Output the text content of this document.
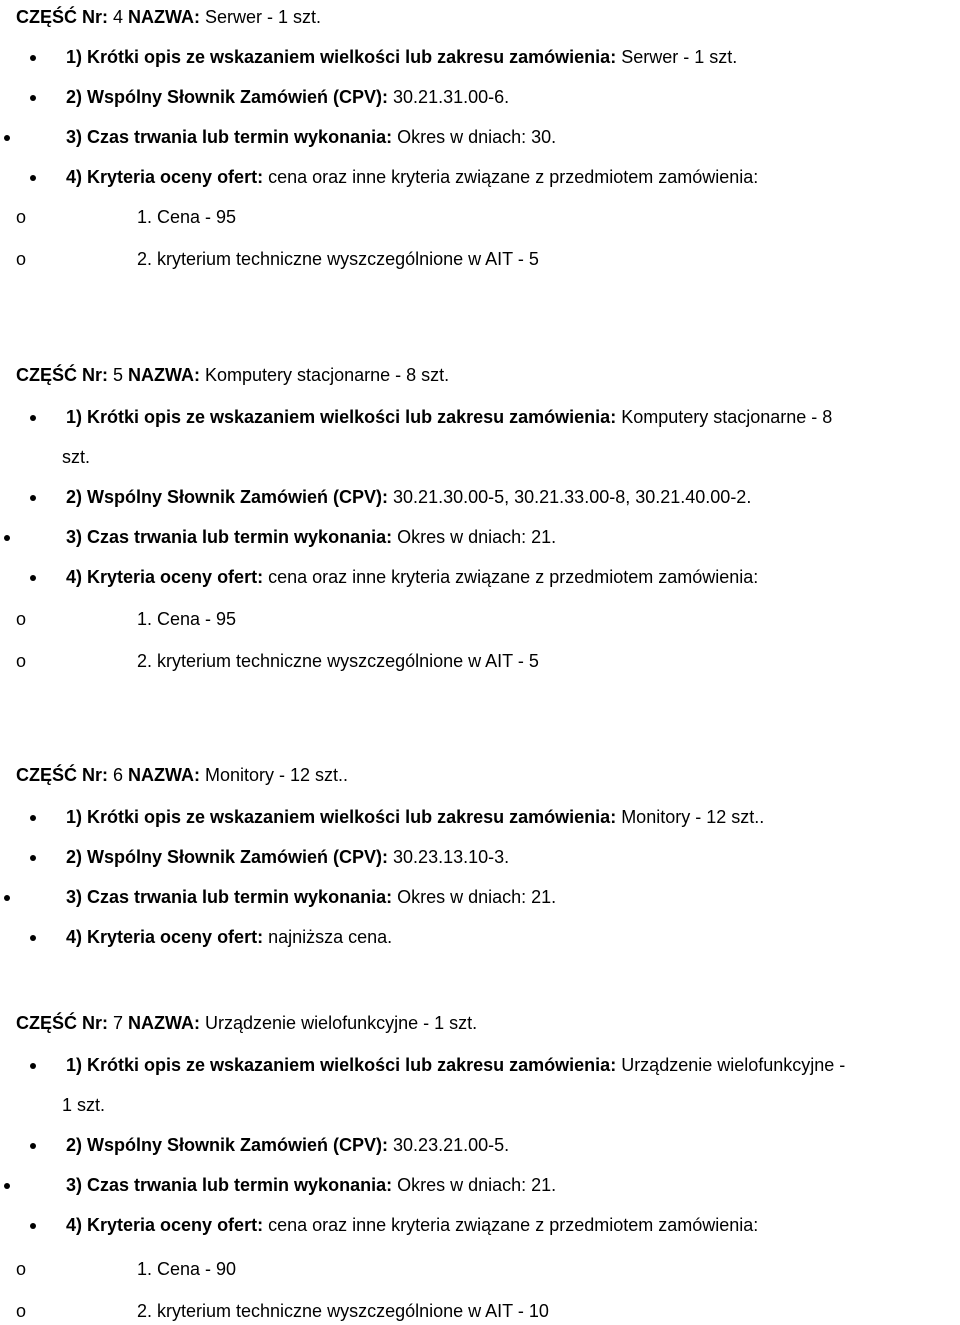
CZĘŚĆ Nr: 4 NAZWA: Serwer - 1 szt.
1) Krótki opis ze wskazaniem wielkości lub zakresu zamówienia: Serwer - 1 szt.
2) Wspólny Słownik Zamówień (CPV): 30.21.31.00-6.
3) Czas trwania lub termin wykonania: Okres w dniach: 30.
4) Kryteria oceny ofert: cena oraz inne kryteria związane z przedmiotem zamówienia:
o	1. Cena - 95
o	2. kryterium techniczne wyszczególnione w AIT - 5
CZĘŚĆ Nr: 5 NAZWA: Komputery stacjonarne - 8 szt.
1) Krótki opis ze wskazaniem wielkości lub zakresu zamówienia: Komputery stacjonarne - 8
szt.
2) Wspólny Słownik Zamówień (CPV): 30.21.30.00-5, 30.21.33.00-8, 30.21.40.00-2.
3) Czas trwania lub termin wykonania: Okres w dniach: 21.
4) Kryteria oceny ofert: cena oraz inne kryteria związane z przedmiotem zamówienia:
o	1. Cena - 95
o	2. kryterium techniczne wyszczególnione w AIT - 5
CZĘŚĆ Nr: 6 NAZWA: Monitory - 12 szt..
1) Krótki opis ze wskazaniem wielkości lub zakresu zamówienia: Monitory - 12 szt..
2) Wspólny Słownik Zamówień (CPV): 30.23.13.10-3.
3) Czas trwania lub termin wykonania: Okres w dniach: 21.
4) Kryteria oceny ofert: najniższa cena.
CZĘŚĆ Nr: 7 NAZWA: Urządzenie wielofunkcyjne - 1 szt.
1) Krótki opis ze wskazaniem wielkości lub zakresu zamówienia: Urządzenie wielofunkcyjne -
1 szt.
2) Wspólny Słownik Zamówień (CPV): 30.23.21.00-5.
3) Czas trwania lub termin wykonania: Okres w dniach: 21.
4) Kryteria oceny ofert: cena oraz inne kryteria związane z przedmiotem zamówienia:
o	1. Cena - 90
o	2. kryterium techniczne wyszczególnione w AIT - 10
